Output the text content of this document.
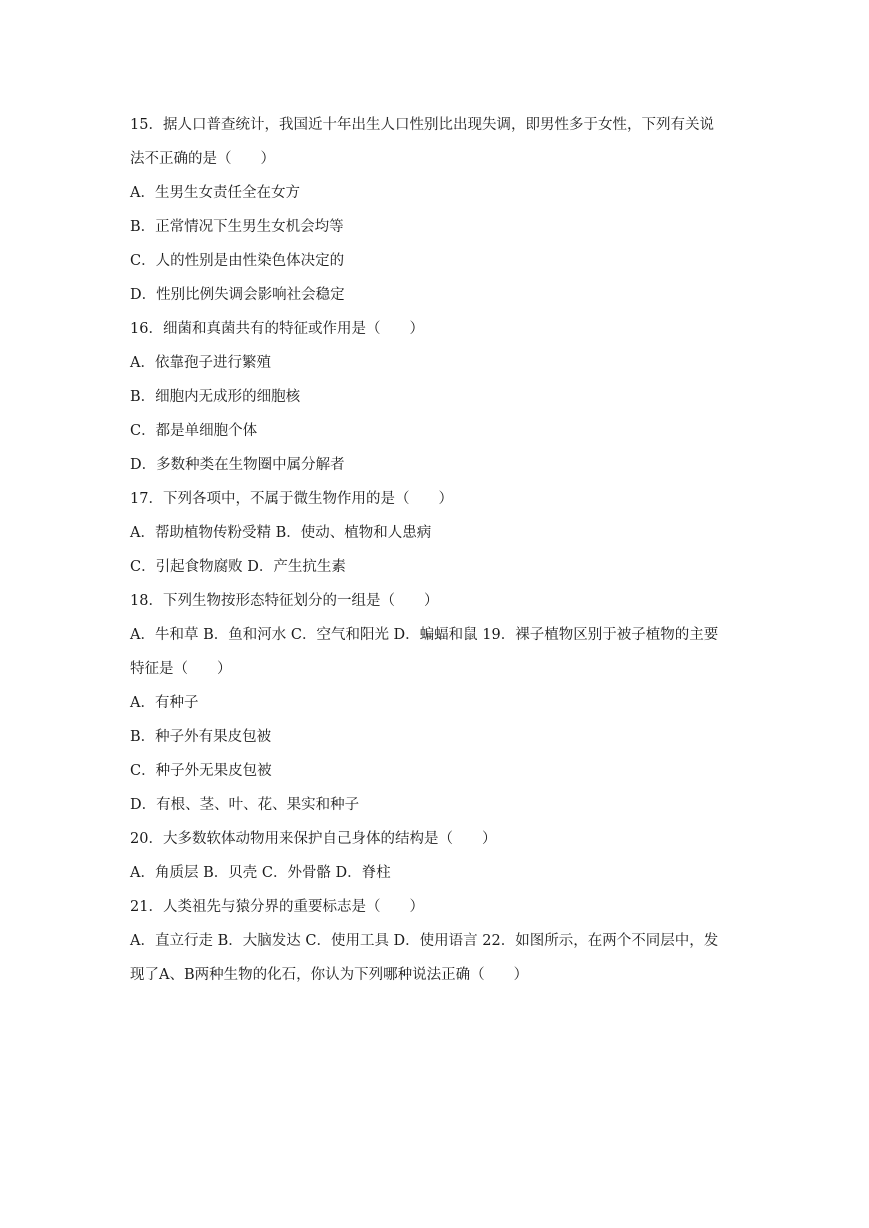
15．据人口普查统计，我国近十年出生人口性别比出现失调，即男性多于女性，下列有关说
法不正确的是（　　）
A．生男生女责任全在女方
B．正常情况下生男生女机会均等
C．人的性别是由性染色体决定的
D．性别比例失调会影响社会稳定
16．细菌和真菌共有的特征或作用是（　　）
A．依靠孢子进行繁殖
B．细胞内无成形的细胞核
C．都是单细胞个体
D．多数种类在生物圈中属分解者
17．下列各项中，不属于微生物作用的是（　　）
A．帮助植物传粉受精 B．使动、植物和人患病
C．引起食物腐败 D．产生抗生素
18．下列生物按形态特征划分的一组是（　　）
A．牛和草 B．鱼和河水 C．空气和阳光 D．蝙蝠和鼠 19．裸子植物区别于被子植物的主要
特征是（　　）
A．有种子
B．种子外有果皮包被
C．种子外无果皮包被
D．有根、茎、叶、花、果实和种子
20．大多数软体动物用来保护自己身体的结构是（　　）
A．角质层 B．贝壳 C．外骨骼 D．脊柱
21．人类祖先与猿分界的重要标志是（　　）
A．直立行走 B．大脑发达 C．使用工具 D．使用语言 22．如图所示，在两个不同层中，发
现了A、B两种生物的化石，你认为下列哪种说法正确（　　）
